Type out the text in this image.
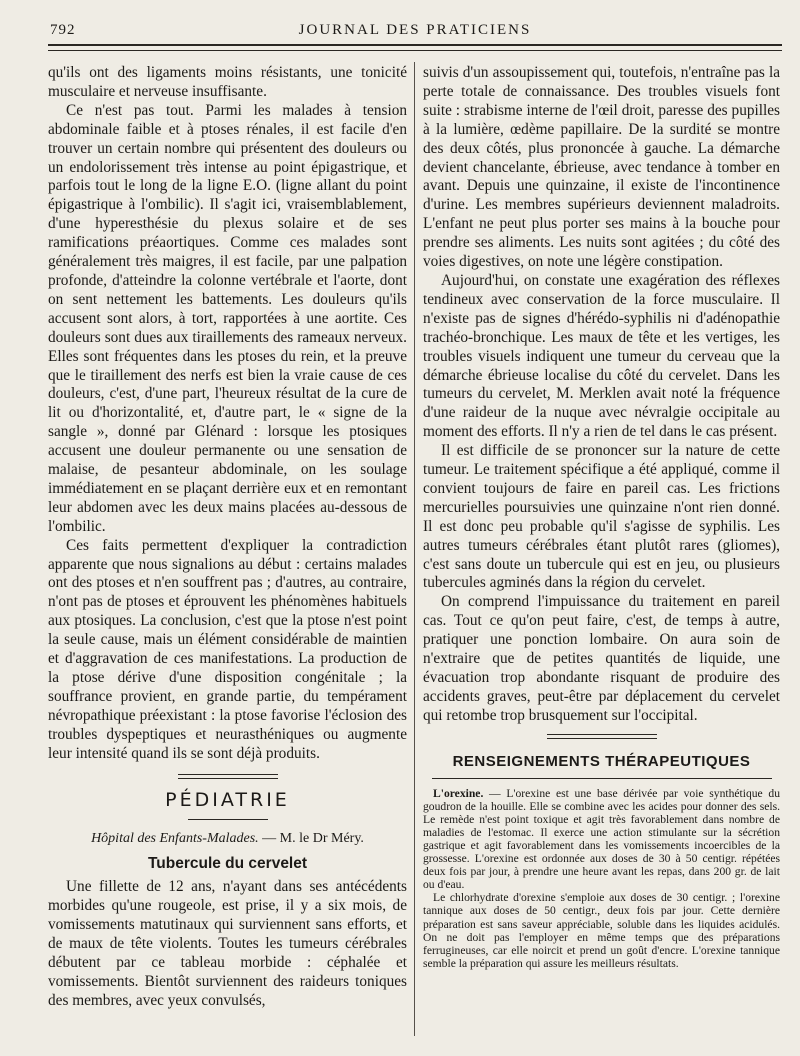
792	JOURNAL DES PRATICIENS

qu'ils ont des ligaments moins résistants, une tonicité musculaire et nerveuse insuffisante.

Ce n'est pas tout. Parmi les malades à tension abdominale faible et à ptoses rénales, il est facile d'en trouver un certain nombre qui présentent des douleurs ou un endolorissement très intense au point épigastrique, et parfois tout le long de la ligne E.O. (ligne allant du point épigastrique à l'ombilic). Il s'agit ici, vraisemblablement, d'une hyperesthésie du plexus solaire et de ses ramifications préaortiques. Comme ces malades sont généralement très maigres, il est facile, par une palpation profonde, d'atteindre la colonne vertébrale et l'aorte, dont on sent nettement les battements. Les douleurs qu'ils accusent sont alors, à tort, rapportées à une aortite. Ces douleurs sont dues aux tiraillements des rameaux nerveux. Elles sont fréquentes dans les ptoses du rein, et la preuve que le tiraillement des nerfs est bien la vraie cause de ces douleurs, c'est, d'une part, l'heureux résultat de la cure de lit ou d'horizontalité, et, d'autre part, le « signe de la sangle », donné par Glénard : lorsque les ptosiques accusent une douleur permanente ou une sensation de malaise, de pesanteur abdominale, on les soulage immédiatement en se plaçant derrière eux et en remontant leur abdomen avec les deux mains placées au-dessous de l'ombilic.

Ces faits permettent d'expliquer la contradiction apparente que nous signalions au début : certains malades ont des ptoses et n'en souffrent pas ; d'autres, au contraire, n'ont pas de ptoses et éprouvent les phénomènes habituels aux ptosiques. La conclusion, c'est que la ptose n'est point la seule cause, mais un élément considérable de maintien et d'aggravation de ces manifestations. La production de la ptose dérive d'une disposition congénitale ; la souffrance provient, en grande partie, du tempérament névropathique préexistant : la ptose favorise l'éclosion des troubles dyspeptiques et neurasthéniques ou augmente leur intensité quand ils se sont déjà produits.

PÉDIATRIE
Hôpital des Enfants-Malades. — M. le Dr Méry.
Tubercule du cervelet

Une fillette de 12 ans, n'ayant dans ses antécédents morbides qu'une rougeole, est prise, il y a six mois, de vomissements matutinaux qui surviennent sans efforts, et de maux de tête violents. Toutes les tumeurs cérébrales débutent par ce tableau morbide : céphalée et vomissements. Bientôt surviennent des raideurs toniques des membres, avec yeux convulsés,

suivis d'un assoupissement qui, toutefois, n'entraîne pas la perte totale de connaissance. Des troubles visuels font suite : strabisme interne de l'œil droit, paresse des pupilles à la lumière, œdème papillaire. De la surdité se montre des deux côtés, plus prononcée à gauche. La démarche devient chancelante, ébrieuse, avec tendance à tomber en avant. Depuis une quinzaine, il existe de l'incontinence d'urine. Les membres supérieurs deviennent maladroits. L'enfant ne peut plus porter ses mains à la bouche pour prendre ses aliments. Les nuits sont agitées ; du côté des voies digestives, on note une légère constipation.

Aujourd'hui, on constate une exagération des réflexes tendineux avec conservation de la force musculaire. Il n'existe pas de signes d'hérédo-syphilis ni d'adénopathie trachéo-bronchique. Les maux de tête et les vertiges, les troubles visuels indiquent une tumeur du cerveau que la démarche ébrieuse localise du côté du cervelet. Dans les tumeurs du cervelet, M. Merklen avait noté la fréquence d'une raideur de la nuque avec névralgie occipitale au moment des efforts. Il n'y a rien de tel dans le cas présent.

Il est difficile de se prononcer sur la nature de cette tumeur. Le traitement spécifique a été appliqué, comme il convient toujours de faire en pareil cas. Les frictions mercurielles poursuivies une quinzaine n'ont rien donné. Il est donc peu probable qu'il s'agisse de syphilis. Les autres tumeurs cérébrales étant plutôt rares (gliomes), c'est sans doute un tubercule qui est en jeu, ou plusieurs tubercules agminés dans la région du cervelet.

On comprend l'impuissance du traitement en pareil cas. Tout ce qu'on peut faire, c'est, de temps à autre, pratiquer une ponction lombaire. On aura soin de n'extraire que de petites quantités de liquide, une évacuation trop abondante risquant de produire des accidents graves, peut-être par déplacement du cervelet qui retombe trop brusquement sur l'occipital.

RENSEIGNEMENTS THÉRAPEUTIQUES

L'orexine. — L'orexine est une base dérivée par voie synthétique du goudron de la houille. Elle se combine avec les acides pour donner des sels. Le remède n'est point toxique et agit très favorablement dans nombre de maladies de l'estomac. Il exerce une action stimulante sur la sécrétion gastrique et agit favorablement dans les vomissements incoercibles de la grossesse. L'orexine est ordonnée aux doses de 30 à 50 centigr. répétées deux fois par jour, à prendre une heure avant les repas, dans 200 gr. de lait ou d'eau.

Le chlorhydrate d'orexine s'emploie aux doses de 30 centigr. ; l'orexine tannique aux doses de 50 centigr., deux fois par jour. Cette dernière préparation est sans saveur appréciable, soluble dans les liquides acidulés. On ne doit pas l'employer en même temps que des préparations ferrugineuses, car elle noircit et prend un goût d'encre. L'orexine tannique semble la préparation qui assure les meilleurs résultats.
